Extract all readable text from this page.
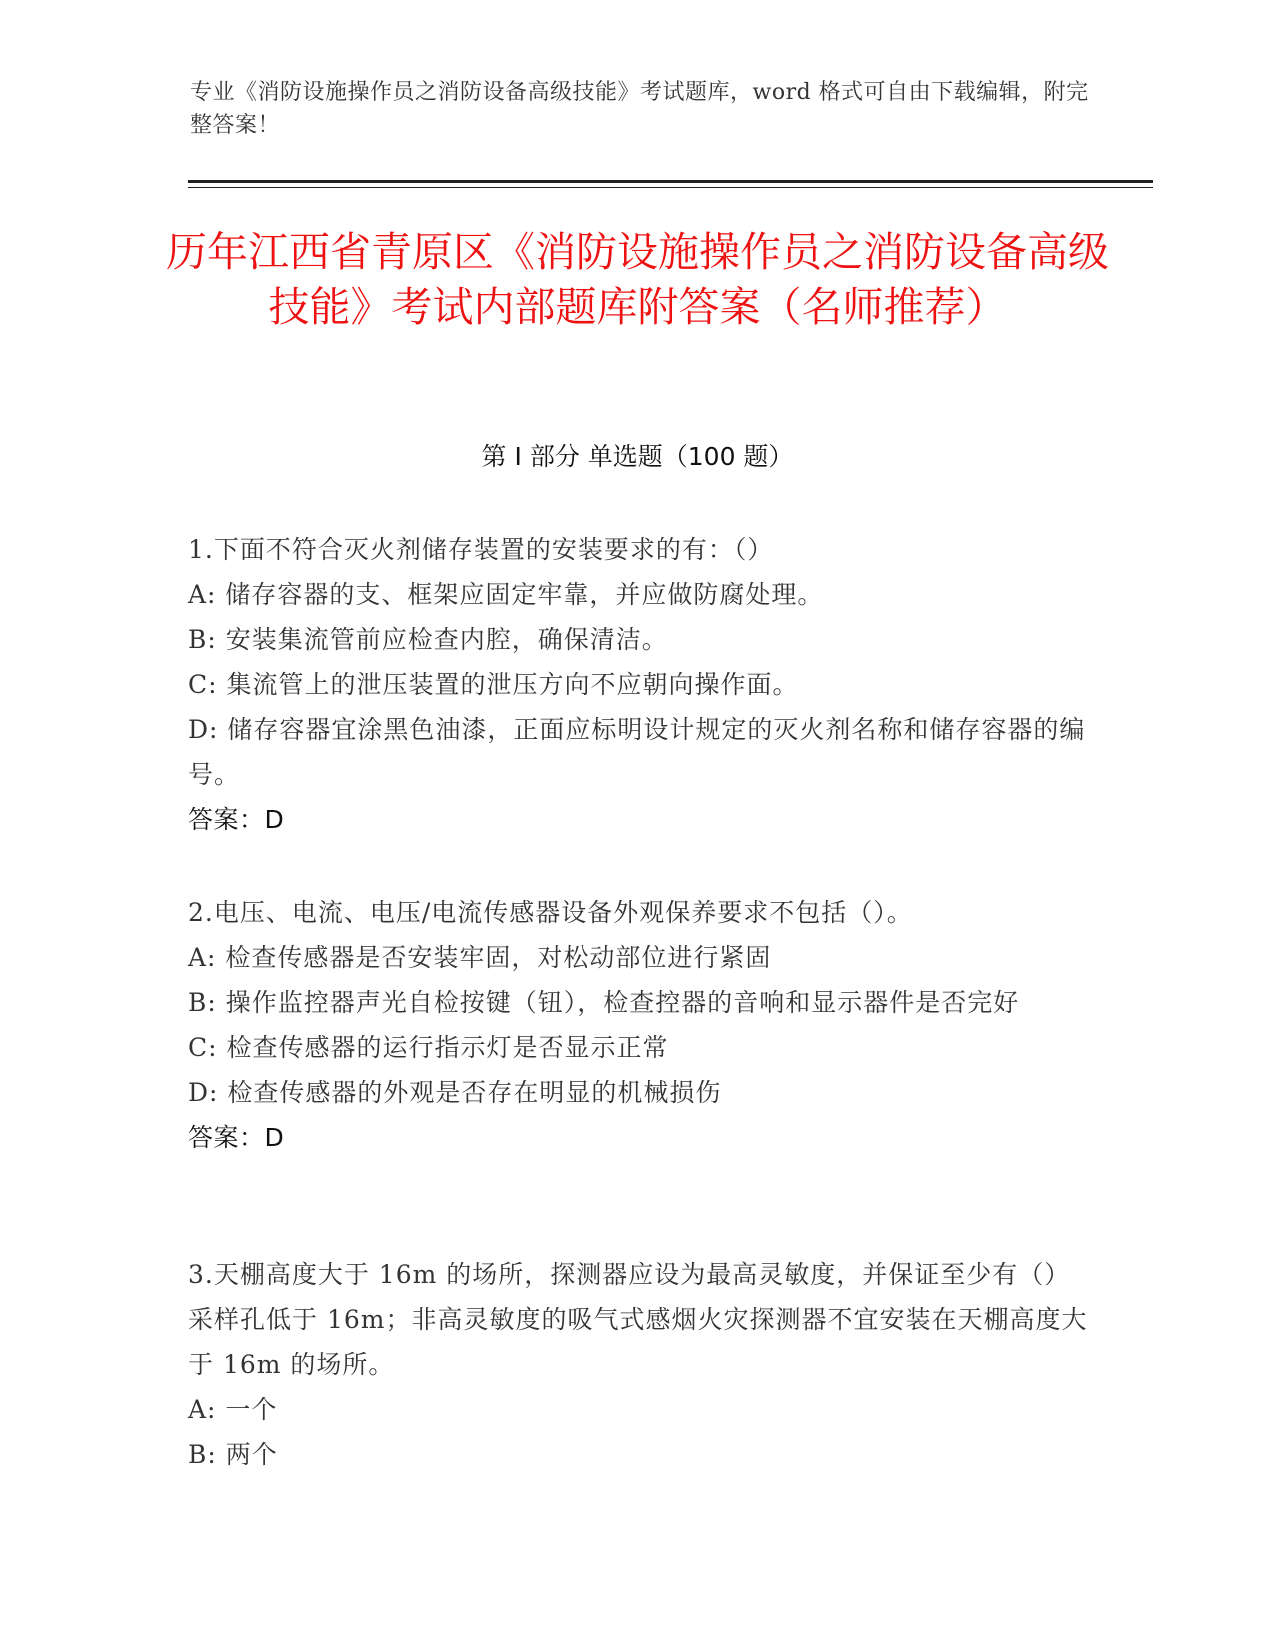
专业《消防设施操作员之消防设备高级技能》考试题库，word 格式可自由下载编辑，附完整答案！
历年江西省青原区《消防设施操作员之消防设备高级技能》考试内部题库附答案（名师推荐）
第 I 部分 单选题（100 题）
1.下面不符合灭火剂储存装置的安装要求的有：（）
A: 储存容器的支、框架应固定牢靠，并应做防腐处理。
B: 安装集流管前应检查内腔，确保清洁。
C: 集流管上的泄压装置的泄压方向不应朝向操作面。
D: 储存容器宜涂黑色油漆，正面应标明设计规定的灭火剂名称和储存容器的编号。
答案：D
2.电压、电流、电压/电流传感器设备外观保养要求不包括（）。
A: 检查传感器是否安装牢固，对松动部位进行紧固
B: 操作监控器声光自检按键（钮），检查控器的音响和显示器件是否完好
C: 检查传感器的运行指示灯是否显示正常
D: 检查传感器的外观是否存在明显的机械损伤
答案：D
3.天棚高度大于 16m 的场所，探测器应设为最高灵敏度，并保证至少有（）采样孔低于 16m；非高灵敏度的吸气式感烟火灾探测器不宜安装在天棚高度大于 16m 的场所。
A: 一个
B: 两个
